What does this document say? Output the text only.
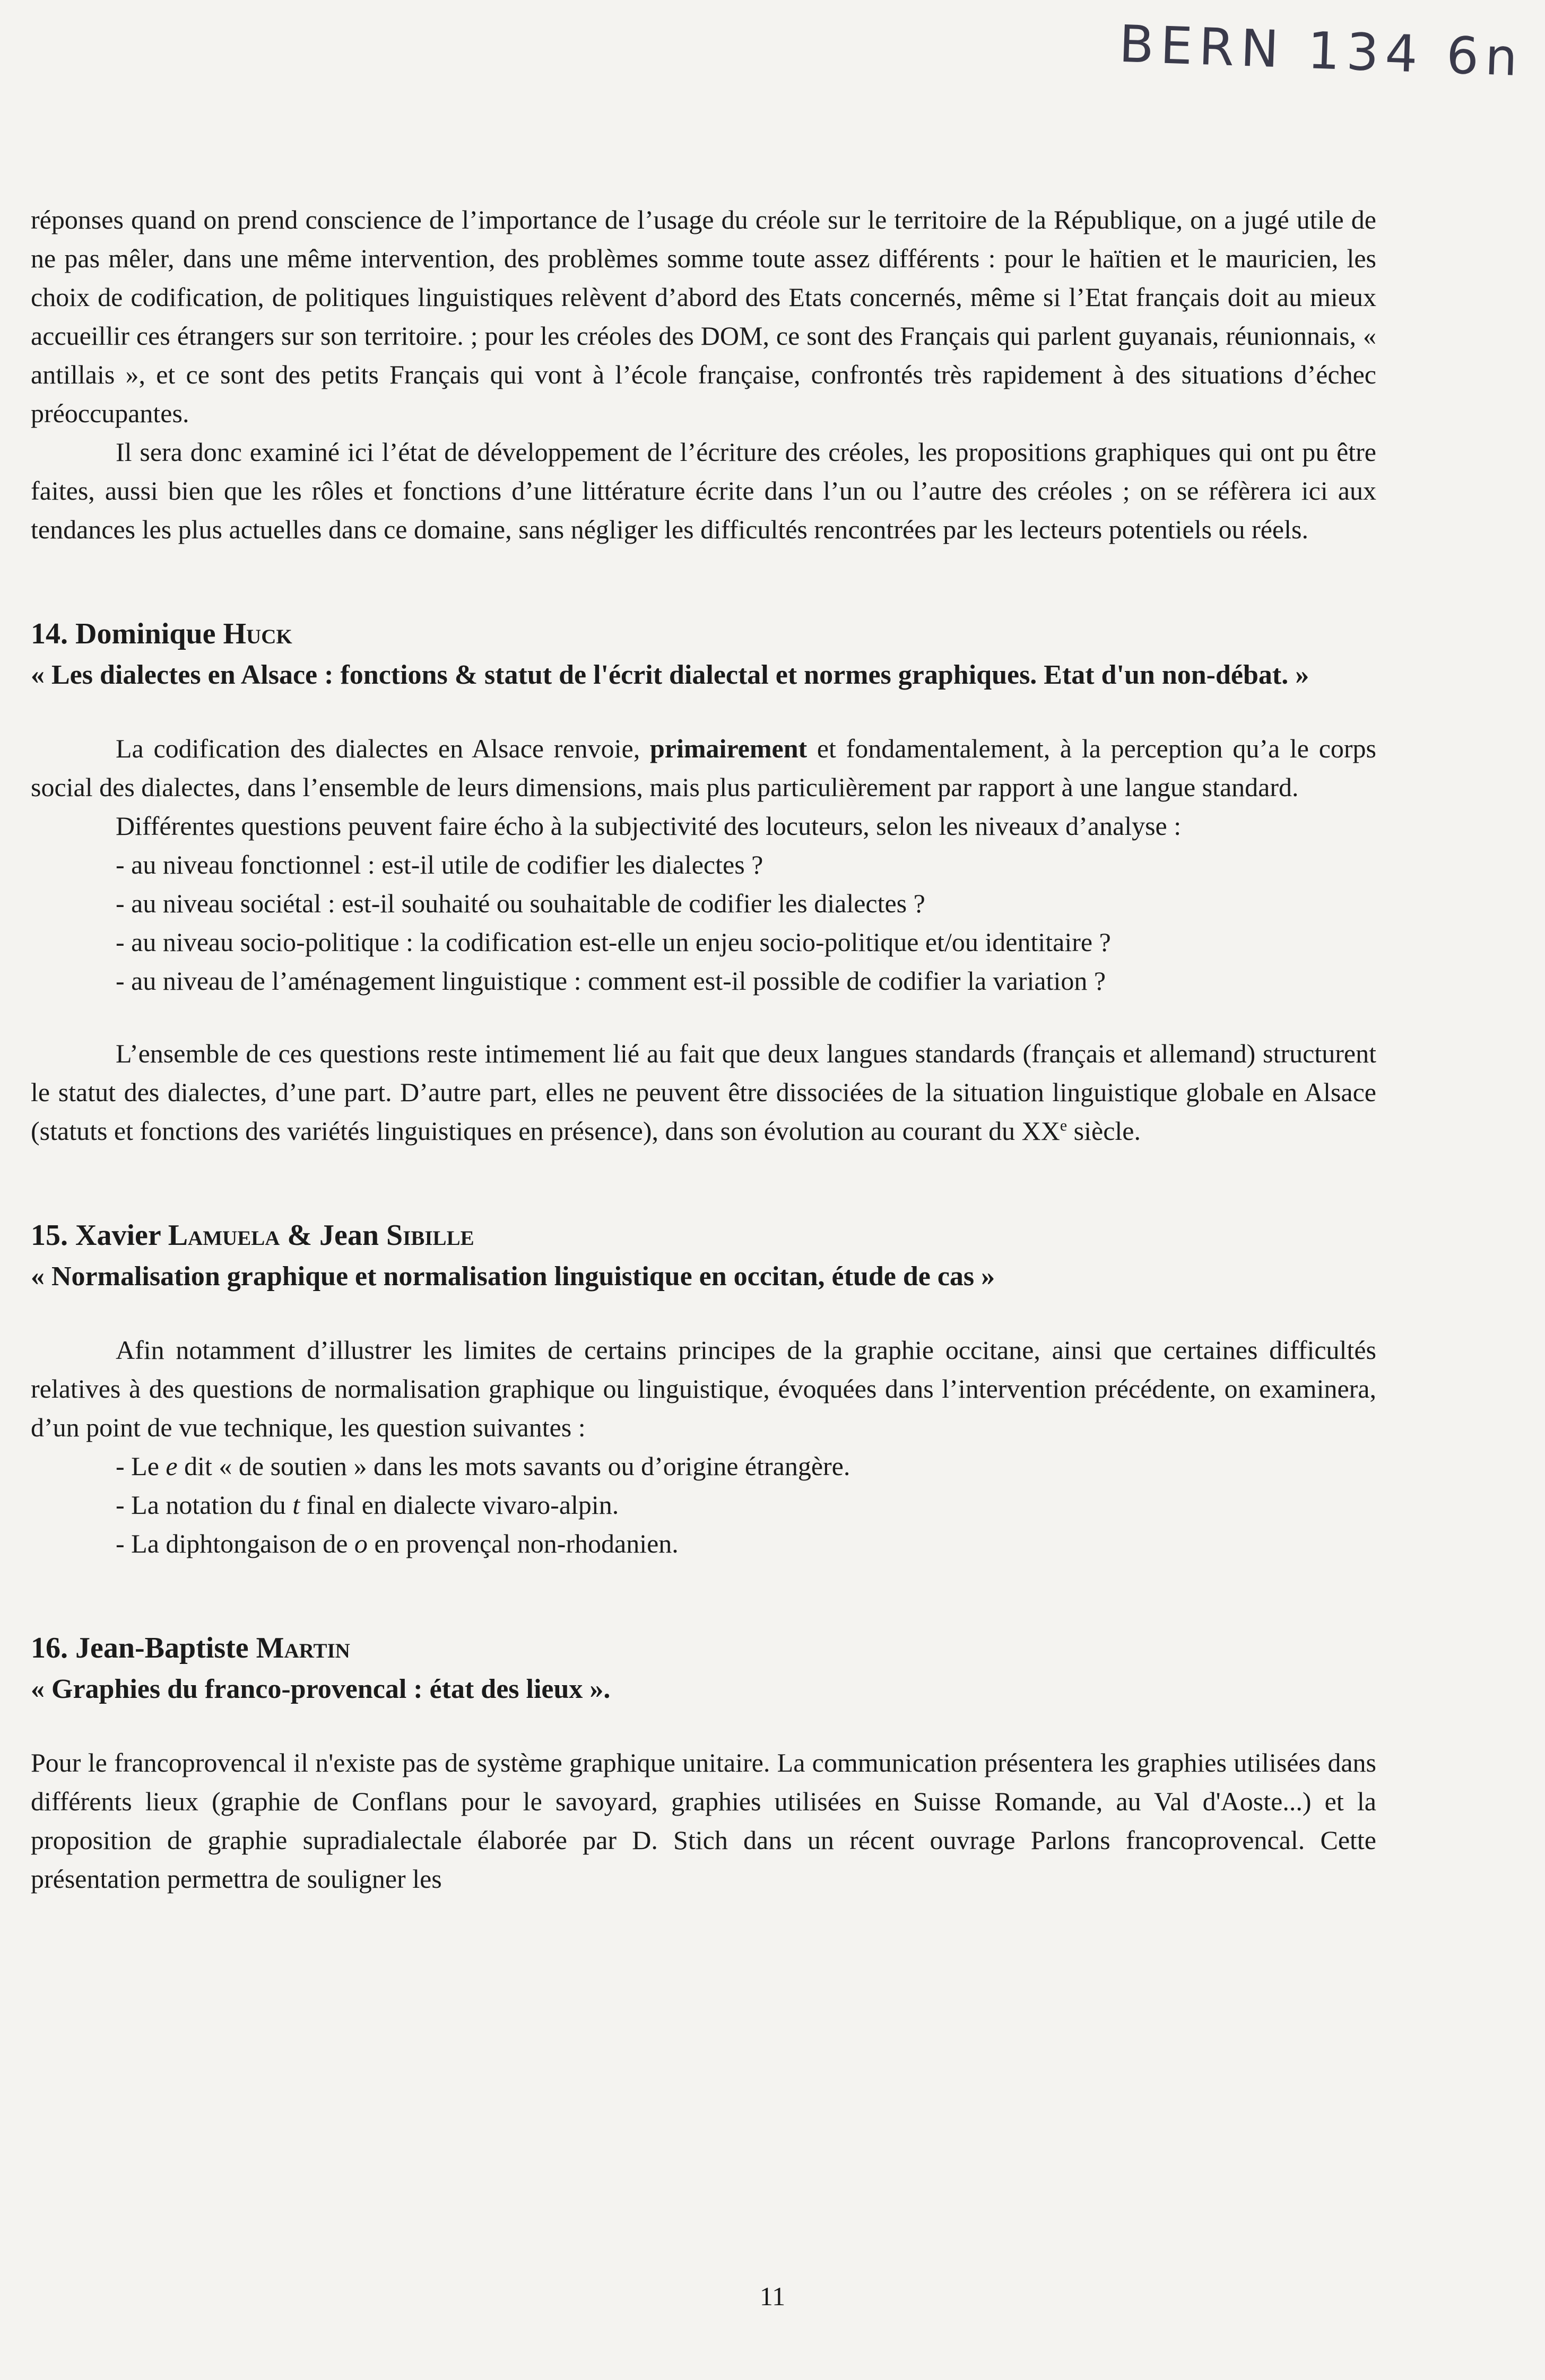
BERN 134 6n

réponses quand on prend conscience de l’importance de l’usage du créole sur le territoire de la République, on a jugé utile de ne pas mêler, dans une même intervention, des problèmes somme toute assez différents : pour le haïtien et le mauricien, les choix de codification, de politiques linguistiques relèvent d’abord des Etats concernés, même si l’Etat français doit au mieux accueillir ces étrangers sur son territoire. ; pour les créoles des DOM, ce sont des Français qui parlent guyanais, réunionnais, « antillais », et ce sont des petits Français qui vont à l’école française, confrontés très rapidement à des situations d’échec préoccupantes.

Il sera donc examiné ici l’état de développement de l’écriture des créoles, les propositions graphiques qui ont pu être faites, aussi bien que les rôles et fonctions d’une littérature écrite dans l’un ou l’autre des créoles ; on se réfèrera ici aux tendances les plus actuelles dans ce domaine, sans négliger les difficultés rencontrées par les lecteurs potentiels ou réels.

14. Dominique Huck

« Les dialectes en Alsace : fonctions & statut de l'écrit dialectal et normes graphiques. Etat d'un non-débat. »

La codification des dialectes en Alsace renvoie, primairement et fondamentalement, à la perception qu’a le corps social des dialectes, dans l’ensemble de leurs dimensions, mais plus particulièrement par rapport à une langue standard.

Différentes questions peuvent faire écho à la subjectivité des locuteurs, selon les niveaux d’analyse :

- au niveau fonctionnel : est-il utile de codifier les dialectes ?
- au niveau sociétal : est-il souhaité ou souhaitable de codifier les dialectes ?
- au niveau socio-politique : la codification est-elle un enjeu socio-politique et/ou identitaire ?
- au niveau de l’aménagement linguistique : comment est-il possible de codifier la variation ?

L’ensemble de ces questions reste intimement lié au fait que deux langues standards (français et allemand) structurent le statut des dialectes, d’une part. D’autre part, elles ne peuvent être dissociées de la situation linguistique globale en Alsace (statuts et fonctions des variétés linguistiques en présence), dans son évolution au courant du XXe siècle.

15. Xavier Lamuela & Jean Sibille

« Normalisation graphique et normalisation linguistique en occitan, étude de cas »

Afin notamment d’illustrer les limites de certains principes de la graphie occitane, ainsi que certaines difficultés relatives à des questions de normalisation graphique ou linguistique, évoquées dans l’intervention précédente, on examinera, d’un point de vue technique, les question suivantes :

- Le e dit « de soutien » dans les mots savants ou d’origine étrangère.
- La notation du t final en dialecte vivaro-alpin.
- La diphtongaison de o en provençal non-rhodanien.
16. Jean-Baptiste Martin

« Graphies du franco-provencal : état des lieux ».

Pour le francoprovencal il n'existe pas de système graphique unitaire. La communication présentera les graphies utilisées dans différents lieux (graphie de Conflans pour le savoyard, graphies utilisées en Suisse Romande, au Val d'Aoste...) et la proposition de graphie supradialectale élaborée par D. Stich dans un récent ouvrage Parlons francoprovencal. Cette présentation permettra de souligner les

11
